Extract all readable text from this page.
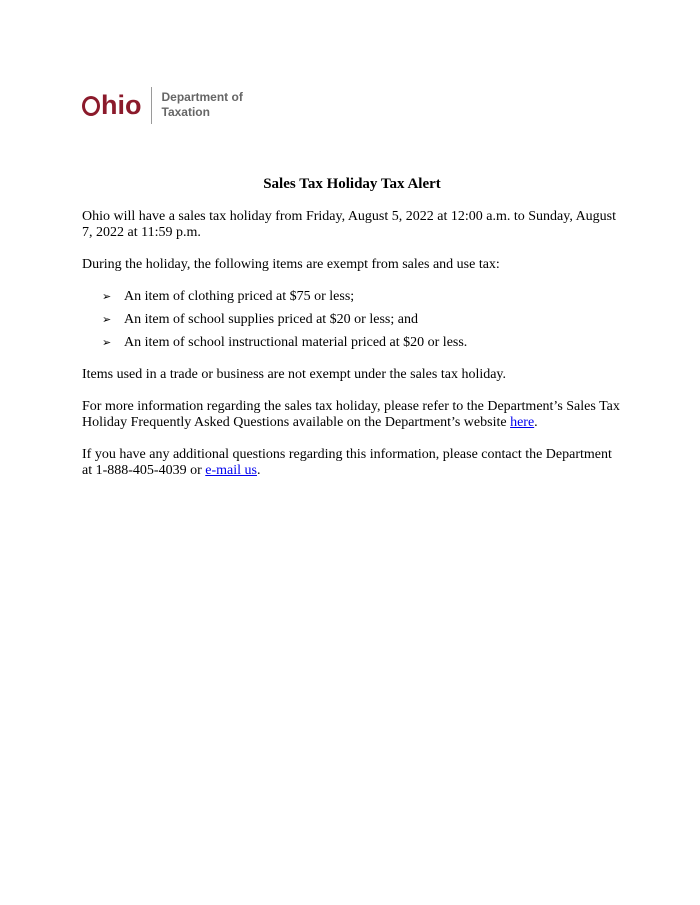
hio Department of
Taxation
Sales Tax Holiday Tax Alert

Ohio will have a sales tax holiday from Friday, August 5, 2022 at 12:00 a.m. to Sunday, August 7, 2022 at 11:59 p.m.

During the holiday, the following items are exempt from sales and use tax:

➢ An item of clothing priced at $75 or less;
➢ An item of school supplies priced at $20 or less; and
➢ An item of school instructional material priced at $20 or less.

Items used in a trade or business are not exempt under the sales tax holiday.

For more information regarding the sales tax holiday, please refer to the Department’s Sales Tax Holiday Frequently Asked Questions available on the Department’s website here.

If you have any additional questions regarding this information, please contact the Department at 1-888-405-4039 or e-mail us.
